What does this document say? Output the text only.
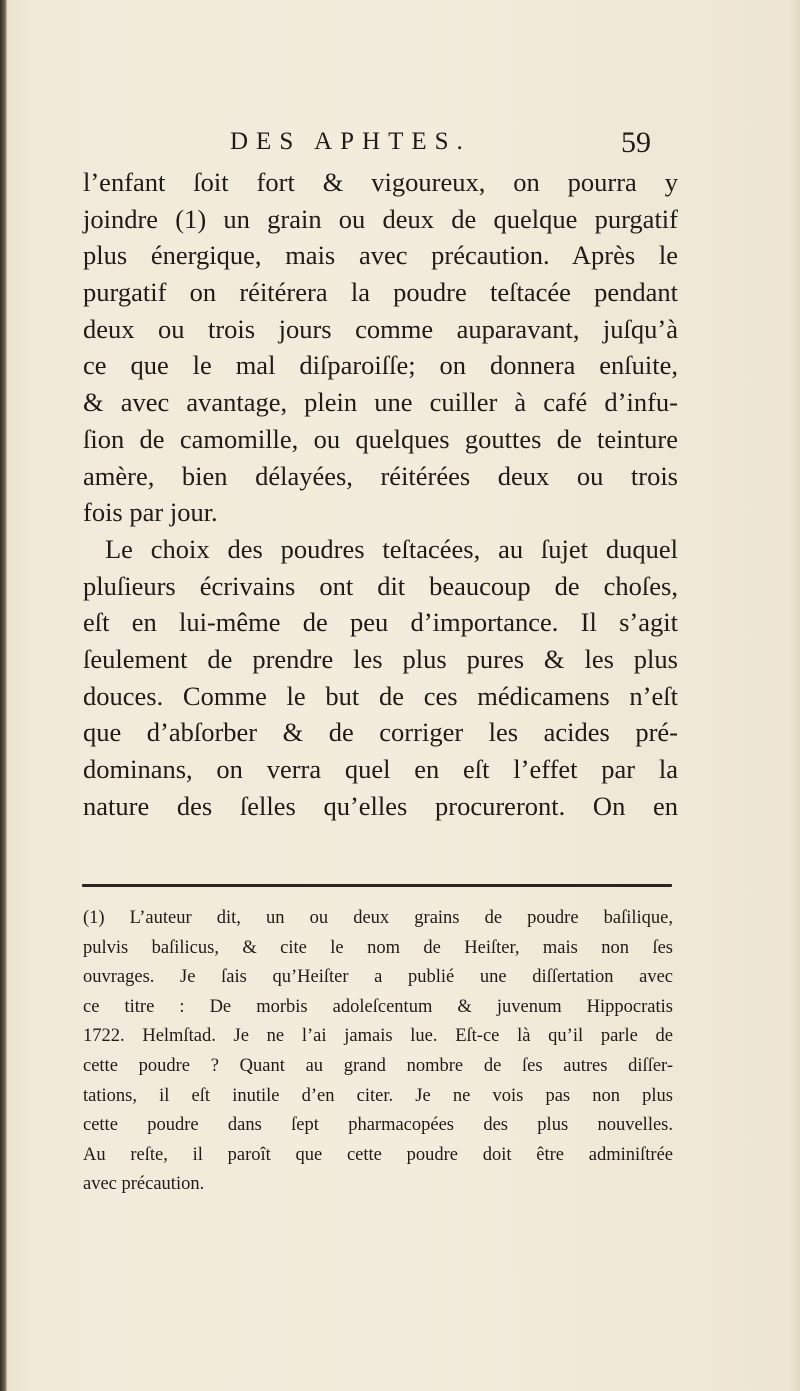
DES APHTES.	59
l’enfant ſoit fort & vigoureux, on pourra y
joindre (1) un grain ou deux de quelque purgatif
plus énergique, mais avec précaution. Après le
purgatif on réitérera la poudre teſtacée pendant
deux ou trois jours comme auparavant, juſqu’à
ce que le mal diſparoiſſe; on donnera enſuite,
& avec avantage, plein une cuiller à café d’infu-
ſion de camomille, ou quelques gouttes de teinture
amère, bien délayées, réitérées deux ou trois
fois par jour.
Le choix des poudres teſtacées, au ſujet duquel
pluſieurs écrivains ont dit beaucoup de choſes,
eſt en lui-même de peu d’importance. Il s’agit
ſeulement de prendre les plus pures & les plus
douces. Comme le but de ces médicamens n’eſt
que d’abſorber & de corriger les acides pré-
dominans, on verra quel en eſt l’effet par la
nature des ſelles qu’elles procureront. On en
(1) L’auteur dit, un ou deux grains de poudre baſilique,
pulvis baſilicus, & cite le nom de Heiſter, mais non ſes
ouvrages. Je ſais qu’Heiſter a publié une diſſertation avec
ce titre : De morbis adoleſcentum & juvenum Hippocratis
1722. Helmſtad. Je ne l’ai jamais lue. Eſt-ce là qu’il parle de
cette poudre ? Quant au grand nombre de ſes autres diſſer-
tations, il eſt inutile d’en citer. Je ne vois pas non plus
cette poudre dans ſept pharmacopées des plus nouvelles.
Au reſte, il paroît que cette poudre doit être adminiſtrée
avec précaution.
